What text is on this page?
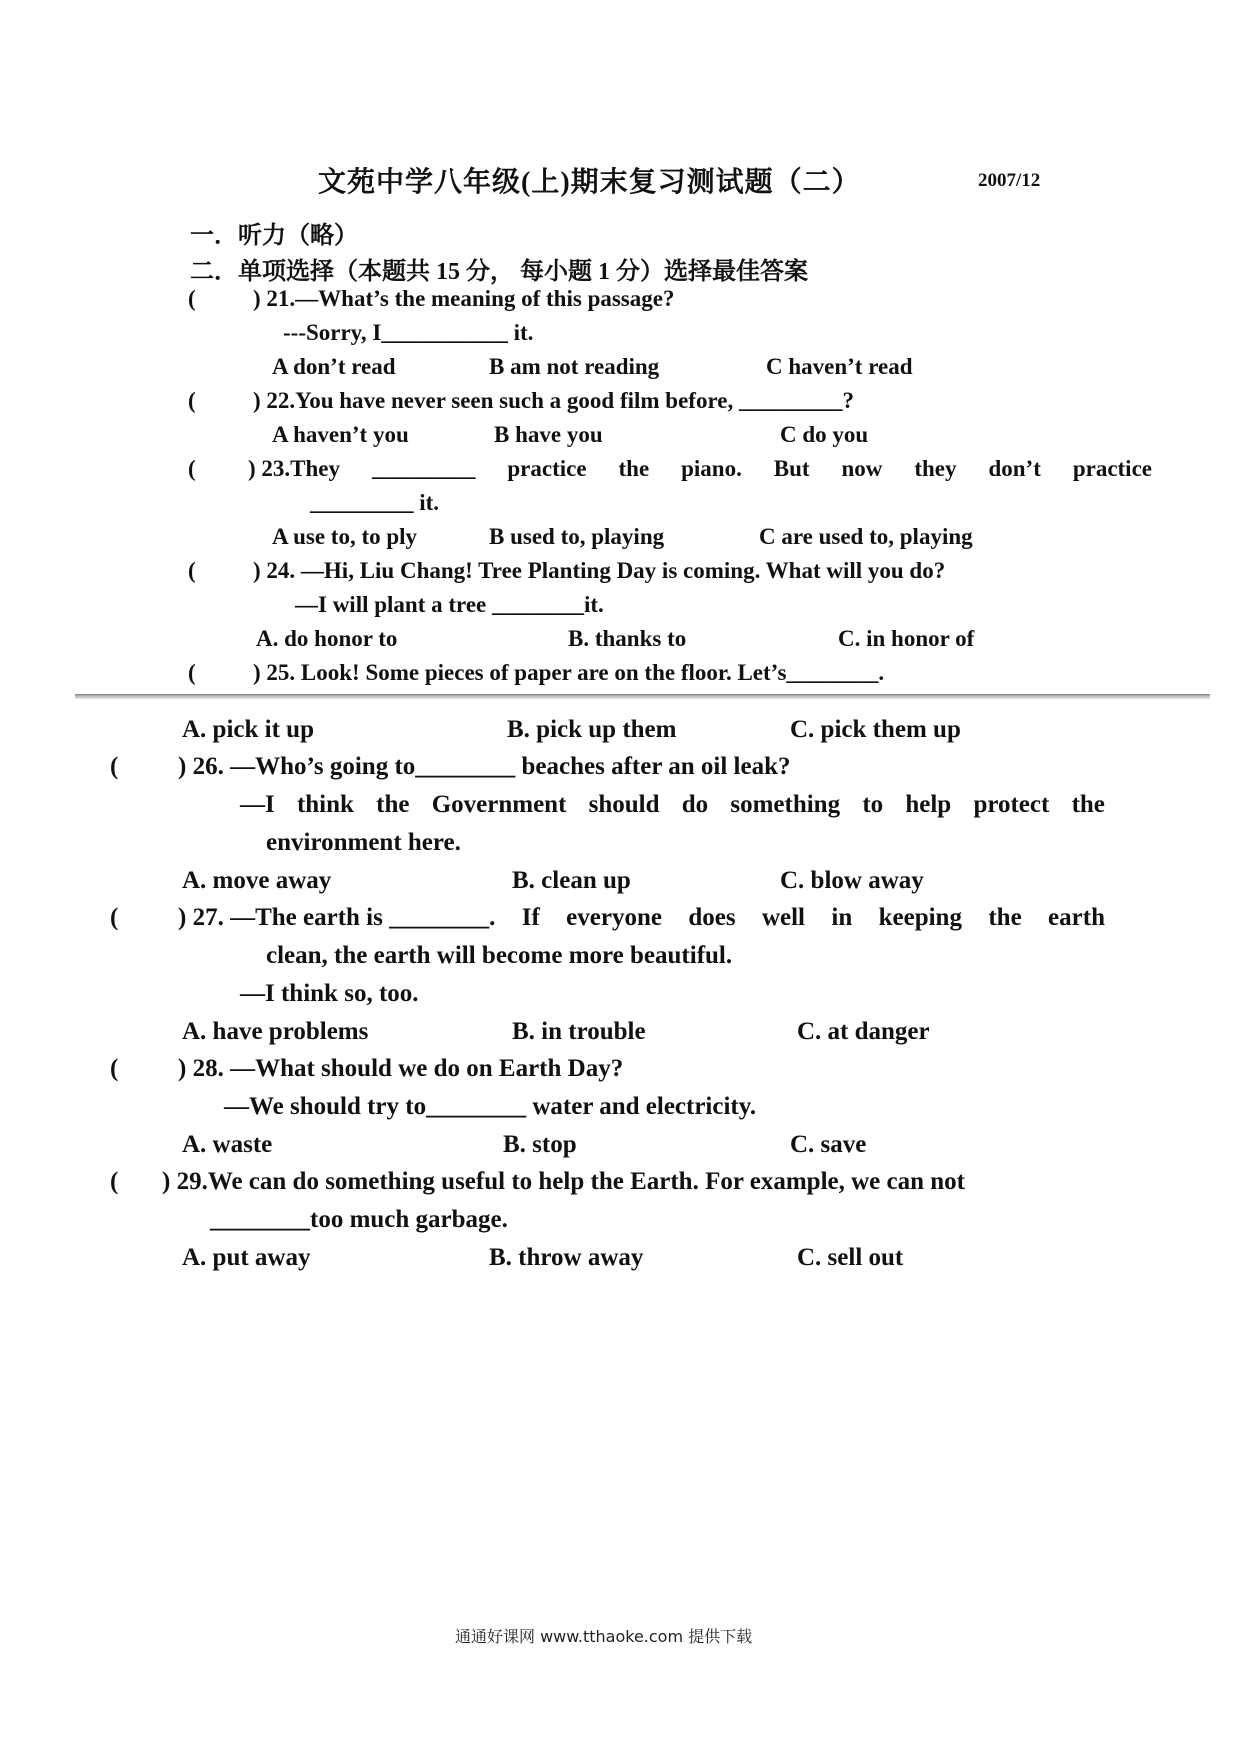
文苑中学八年级(上)期末复习测试题（二）	2007/12
一．听力（略）
二．单项选择（本题共 15 分， 每小题 1 分）选择最佳答案
( ) 21.—What’s the meaning of this passage?
---Sorry, I___________ it.
A don’t read	B am not reading	C haven’t read
( ) 22.You have never seen such a good film before, _________?
A haven’t you	B have you	C do you
( ) 23.They _________ practice the piano. But now they don’t practice
_________ it.
A use to, to ply	B used to, playing	C are used to, playing
( ) 24. —Hi, Liu Chang! Tree Planting Day is coming. What will you do?
—I will plant a tree ________it.
A. do honor to	B. thanks to	C. in honor of
( ) 25. Look! Some pieces of paper are on the floor. Let’s________.
A. pick it up	B. pick up them	C. pick them up
( ) 26. —Who’s going to________ beaches after an oil leak?
—I think the Government should do something to help protect the
environment here.
A. move away	B. clean up	C. blow away
( ) 27. —The earth is ________. If everyone does well in keeping the earth
clean, the earth will become more beautiful.
—I think so, too.
A. have problems	B. in trouble	C. at danger
( ) 28. —What should we do on Earth Day?
—We should try to________ water and electricity.
A. waste	B. stop	C. save
( ) 29.We can do something useful to help the Earth. For example, we can not
________too much garbage.
A. put away	B. throw away	C. sell out
通通好课网 www.tthaoke.com 提供下载
